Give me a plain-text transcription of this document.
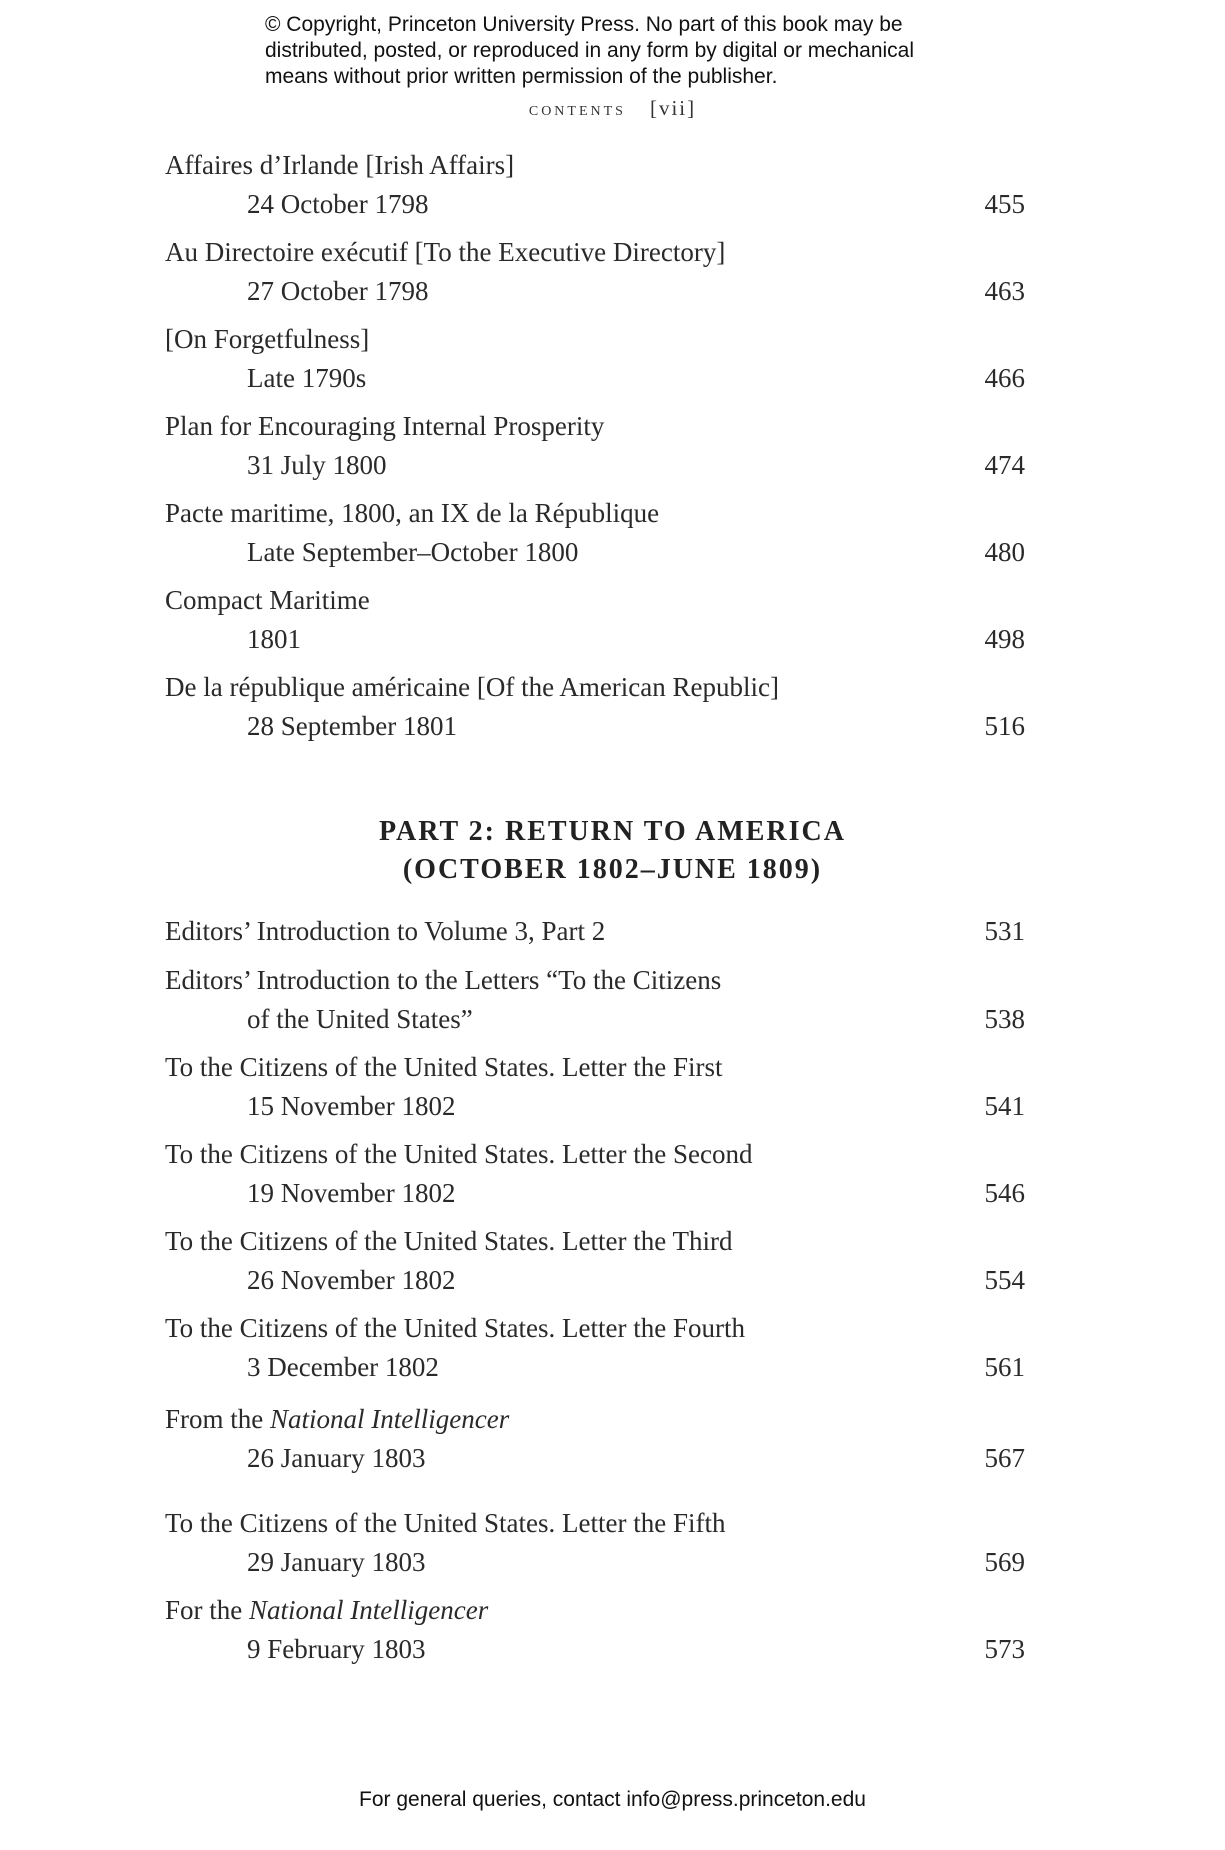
© Copyright, Princeton University Press. No part of this book may be
distributed, posted, or reproduced in any form by digital or mechanical
means without prior written permission of the publisher.
contents [vii]
Affaires d’Irlande [Irish Affairs]
24 October 1798	455
Au Directoire exécutif [To the Executive Directory]
27 October 1798	463
[On Forgetfulness]
Late 1790s	466
Plan for Encouraging Internal Prosperity
31 July 1800	474
Pacte maritime, 1800, an IX de la République
Late September–October 1800	480
Compact Maritime
1801	498
De la république américaine [Of the American Republic]
28 September 1801	516
PART 2: RETURN TO AMERICA
(OCTOBER 1802–JUNE 1809)
Editors’ Introduction to Volume 3, Part 2	531
Editors’ Introduction to the Letters “To the Citizens
of the United States”	538
To the Citizens of the United States. Letter the First
15 November 1802	541
To the Citizens of the United States. Letter the Second
19 November 1802	546
To the Citizens of the United States. Letter the Third
26 November 1802	554
To the Citizens of the United States. Letter the Fourth
3 December 1802	561
From the National Intelligencer
26 January 1803	567
To the Citizens of the United States. Letter the Fifth
29 January 1803	569
For the National Intelligencer
9 February 1803	573
For general queries, contact info@press.princeton.edu
